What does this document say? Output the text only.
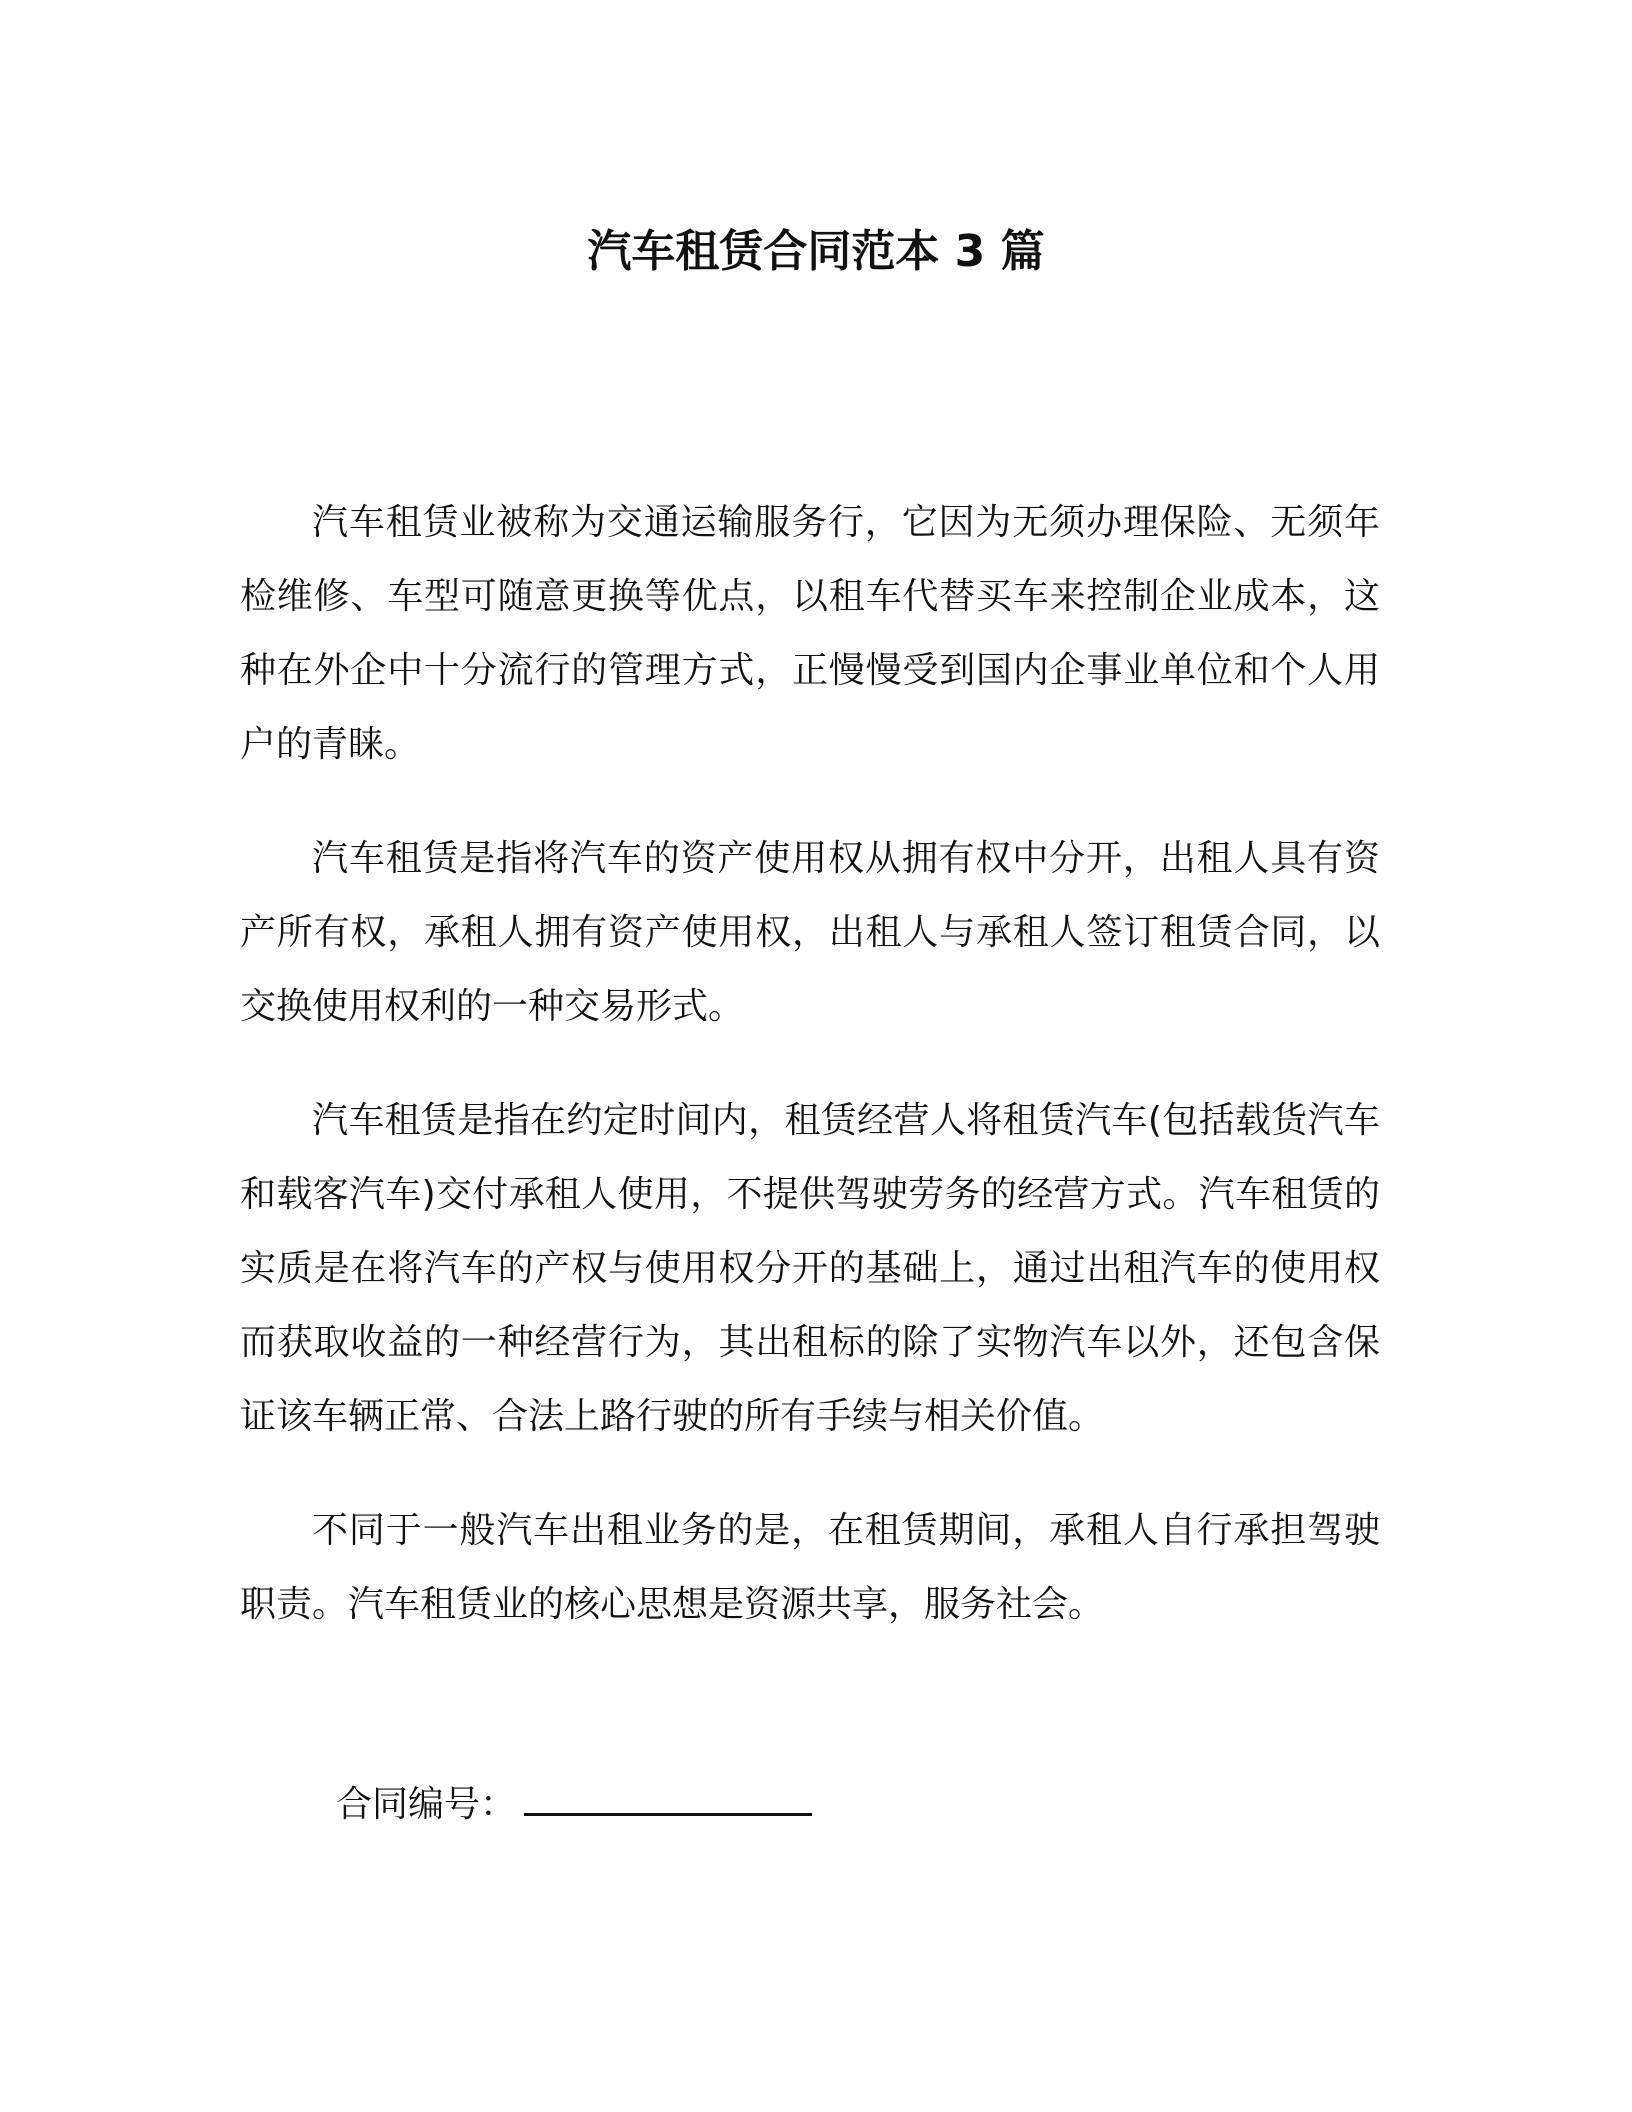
汽车租赁合同范本 3 篇

汽车租赁业被称为交通运输服务行，它因为无须办理保险、无须年检维修、车型可随意更换等优点，以租车代替买车来控制企业成本，这种在外企中十分流行的管理方式，正慢慢受到国内企事业单位和个人用户的青睐。

汽车租赁是指将汽车的资产使用权从拥有权中分开，出租人具有资产所有权，承租人拥有资产使用权，出租人与承租人签订租赁合同，以交换使用权利的一种交易形式。

汽车租赁是指在约定时间内，租赁经营人将租赁汽车(包括载货汽车和载客汽车)交付承租人使用，不提供驾驶劳务的经营方式。汽车租赁的实质是在将汽车的产权与使用权分开的基础上，通过出租汽车的使用权而获取收益的一种经营行为，其出租标的除了实物汽车以外，还包含保证该车辆正常、合法上路行驶的所有手续与相关价值。

不同于一般汽车出租业务的是，在租赁期间，承租人自行承担驾驶职责。汽车租赁业的核心思想是资源共享，服务社会。

合同编号：
